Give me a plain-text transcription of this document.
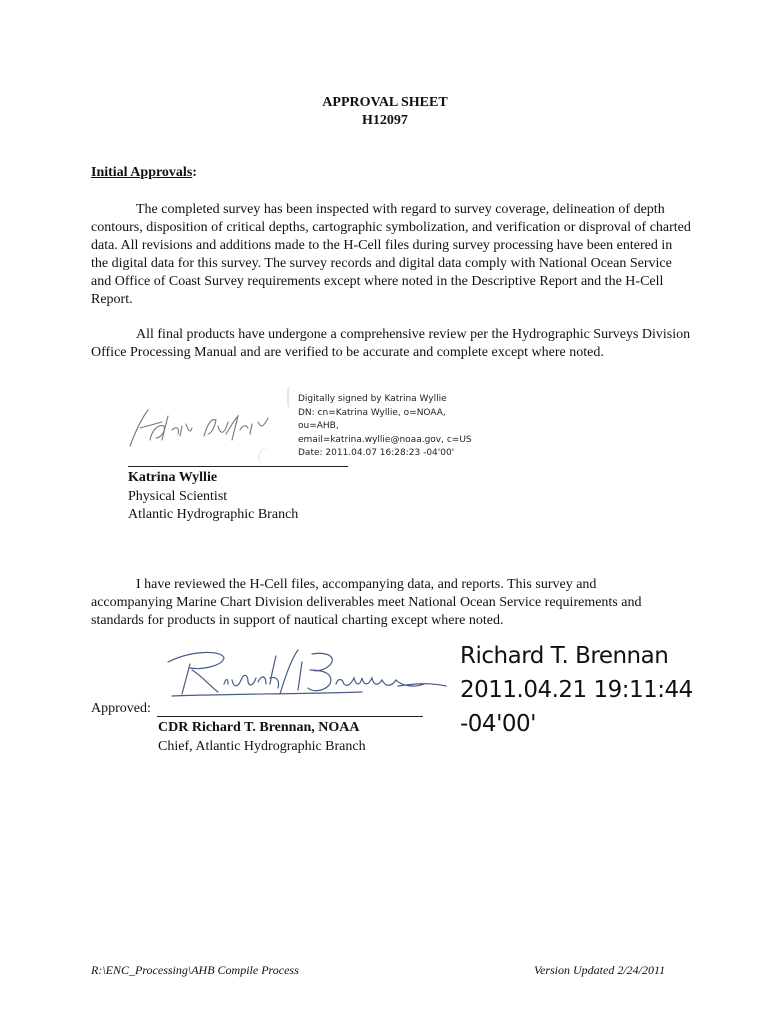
APPROVAL SHEET
H12097
Initial Approvals:
The completed survey has been inspected with regard to survey coverage, delineation of depth contours, disposition of critical depths, cartographic symbolization, and verification or disproval of charted data. All revisions and additions made to the H-Cell files during survey processing have been entered in the digital data for this survey. The survey records and digital data comply with National Ocean Service and Office of Coast Survey requirements except where noted in the Descriptive Report and the H-Cell Report.
All final products have undergone a comprehensive review per the Hydrographic Surveys Division Office Processing Manual and are verified to be accurate and complete except where noted.
Digitally signed by Katrina Wyllie
DN: cn=Katrina Wyllie, o=NOAA,
ou=AHB,
email=katrina.wyllie@noaa.gov, c=US
Date: 2011.04.07 16:28:23 -04'00'
Katrina Wyllie
Physical Scientist
Atlantic Hydrographic Branch
I have reviewed the H-Cell files, accompanying data, and reports. This survey and accompanying Marine Chart Division deliverables meet National Ocean Service requirements and standards for products in support of nautical charting except where noted.
Richard T. Brennan
2011.04.21 19:11:44 -04'00'
Approved:
CDR Richard T. Brennan, NOAA
Chief, Atlantic Hydrographic Branch
R:\ENC_Processing\AHB Compile Process	Version Updated 2/24/2011
